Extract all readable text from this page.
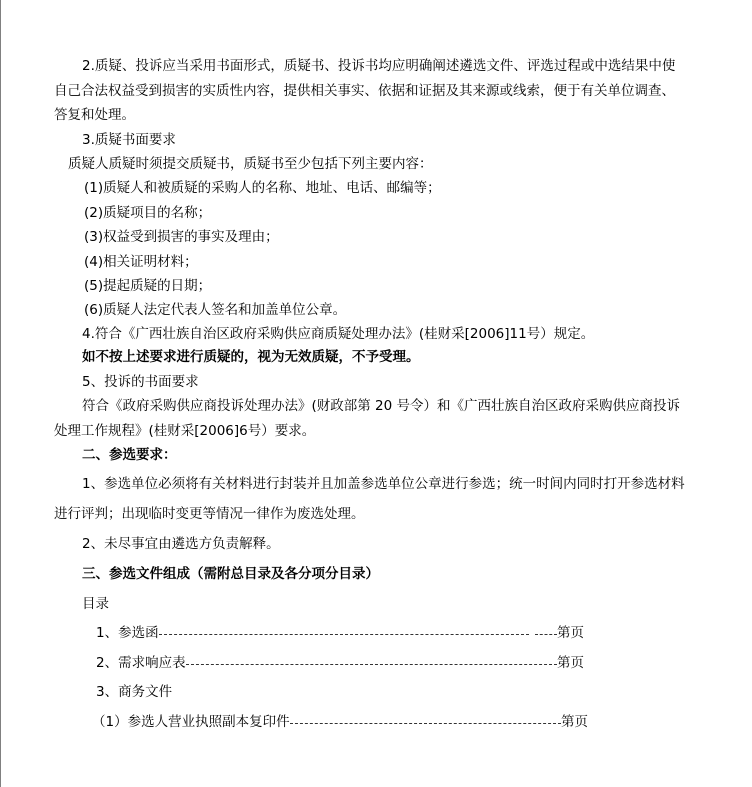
2.质疑、投诉应当采用书面形式，质疑书、投诉书均应明确阐述遴选文件、评选过程或中选结果中使
自己合法权益受到损害的实质性内容，提供相关事实、依据和证据及其来源或线索，便于有关单位调查、
答复和处理。
3.质疑书面要求
质疑人质疑时须提交质疑书，质疑书至少包括下列主要内容：
(1)质疑人和被质疑的采购人的名称、地址、电话、邮编等；
(2)质疑项目的名称；
(3)权益受到损害的事实及理由；
(4)相关证明材料；
(5)提起质疑的日期；
(6)质疑人法定代表人签名和加盖单位公章。
4.符合《广西壮族自治区政府采购供应商质疑处理办法》(桂财采[2006]11号）规定。
如不按上述要求进行质疑的，视为无效质疑，不予受理。
5、投诉的书面要求
符合《政府采购供应商投诉处理办法》(财政部第 20 号令）和《广西壮族自治区政府采购供应商投诉
处理工作规程》(桂财采[2006]6号）要求。
二、参选要求：
1、参选单位必须将有关材料进行封装并且加盖参选单位公章进行参选；统一时间内同时打开参选材料
进行评判；出现临时变更等情况一律作为废选处理。
2、未尽事宜由遴选方负责解释。
三、参选文件组成（需附总目录及各分项分目录）
目录
1、参选函	第页
2、需求响应表	第页
3、商务文件
（1）参选人营业执照副本复印件	第页
